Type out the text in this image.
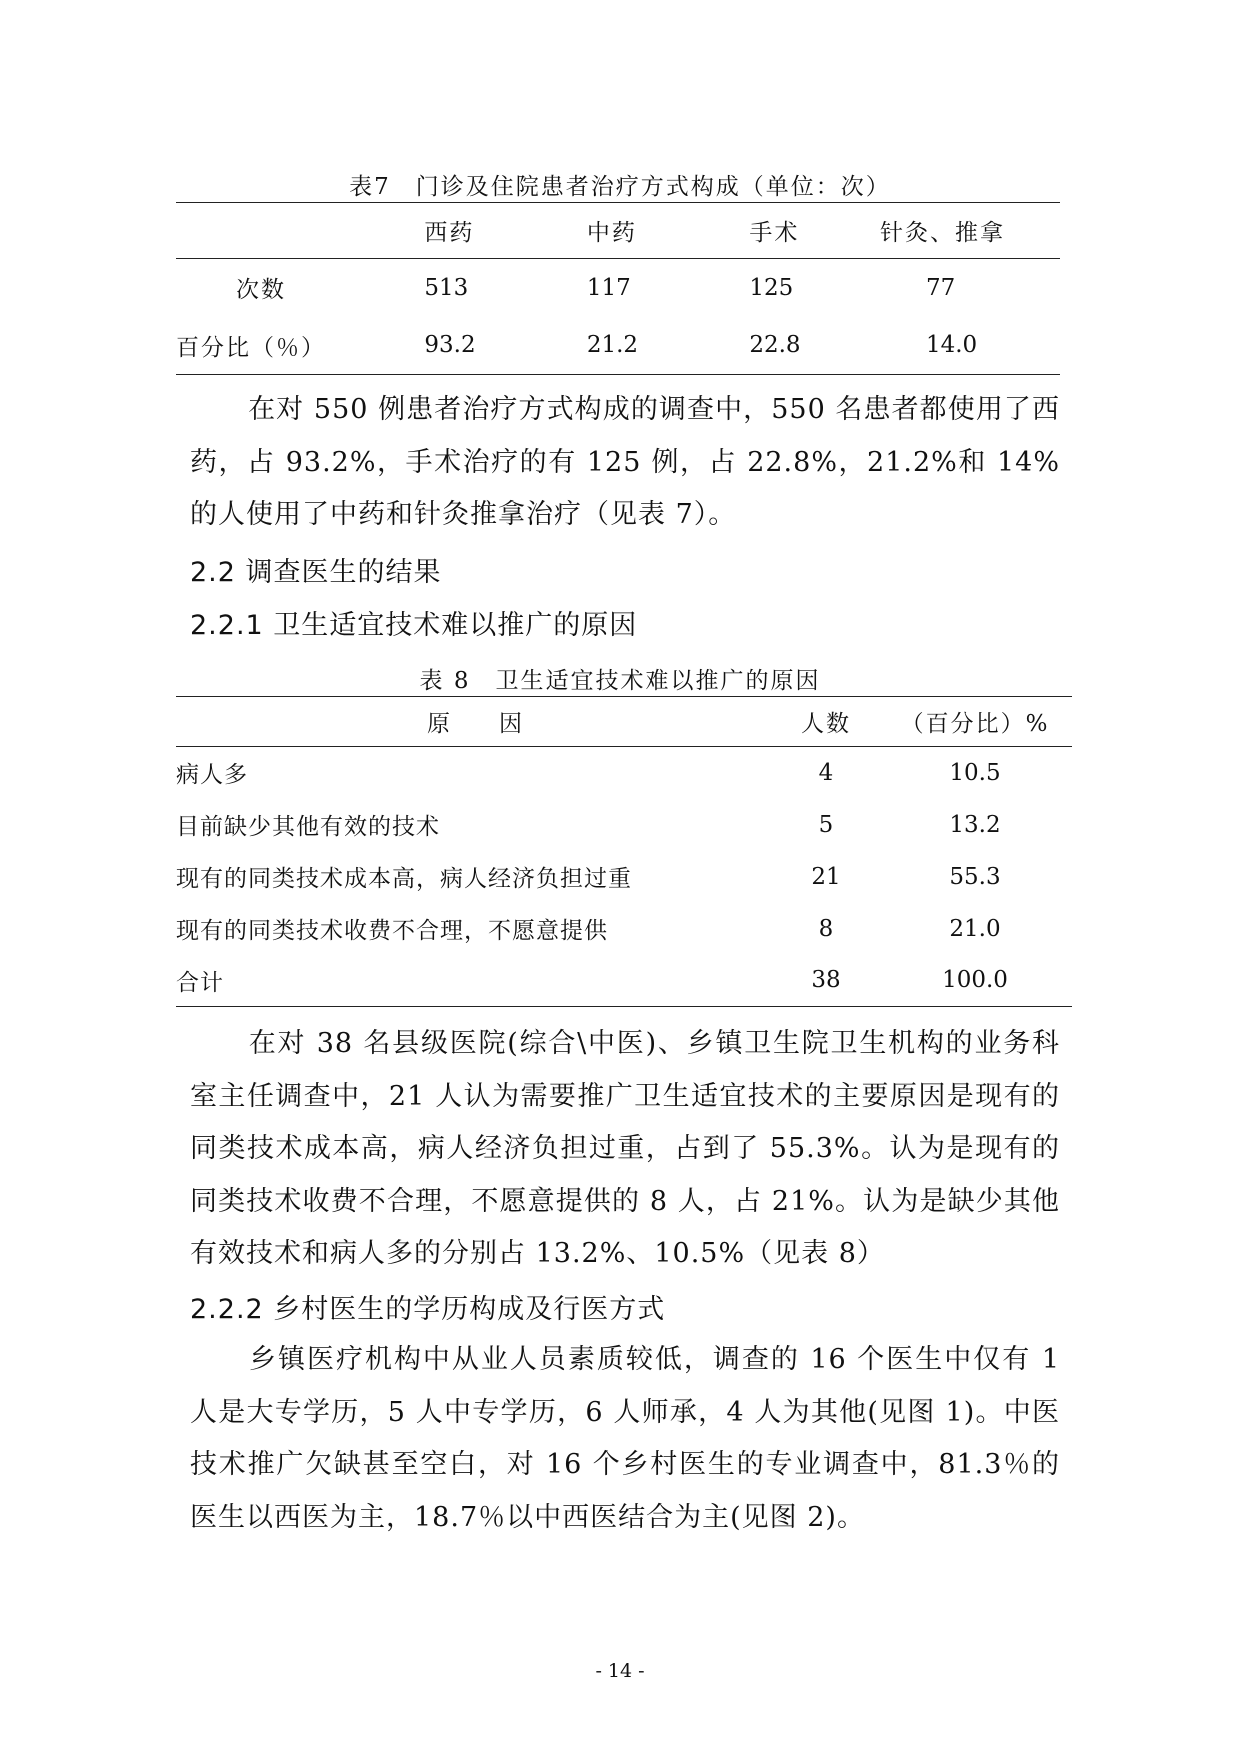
表7　门诊及住院患者治疗方式构成（单位：次）
	西药	中药	手术	针灸、推拿
次数	513	117	125	77
百分比（％）	93.2	21.2	22.8	14.0

在对 550 例患者治疗方式构成的调查中，550 名患者都使用了西药，占 93.2%，手术治疗的有 125 例，占 22.8%，21.2%和 14%的人使用了中药和针灸推拿治疗（见表 7）。

2.2 调查医生的结果
2.2.1 卫生适宜技术难以推广的原因
表 8　卫生适宜技术难以推广的原因
原　　因	人数	（百分比）%
病人多	4	10.5
目前缺少其他有效的技术	5	13.2
现有的同类技术成本高，病人经济负担过重	21	55.3
现有的同类技术收费不合理，不愿意提供	8	21.0
合计	38	100.0

在对 38 名县级医院(综合\中医)、乡镇卫生院卫生机构的业务科室主任调查中，21 人认为需要推广卫生适宜技术的主要原因是现有的同类技术成本高，病人经济负担过重，占到了 55.3%。认为是现有的同类技术收费不合理，不愿意提供的 8 人，占 21%。认为是缺少其他有效技术和病人多的分别占 13.2%、10.5%（见表 8）

2.2.2 乡村医生的学历构成及行医方式

乡镇医疗机构中从业人员素质较低，调查的 16 个医生中仅有 1 人是大专学历，5 人中专学历，6 人师承，4 人为其他(见图 1)。中医技术推广欠缺甚至空白，对 16 个乡村医生的专业调查中，81.3％的医生以西医为主，18.7％以中西医结合为主(见图 2)。

- 14 -
